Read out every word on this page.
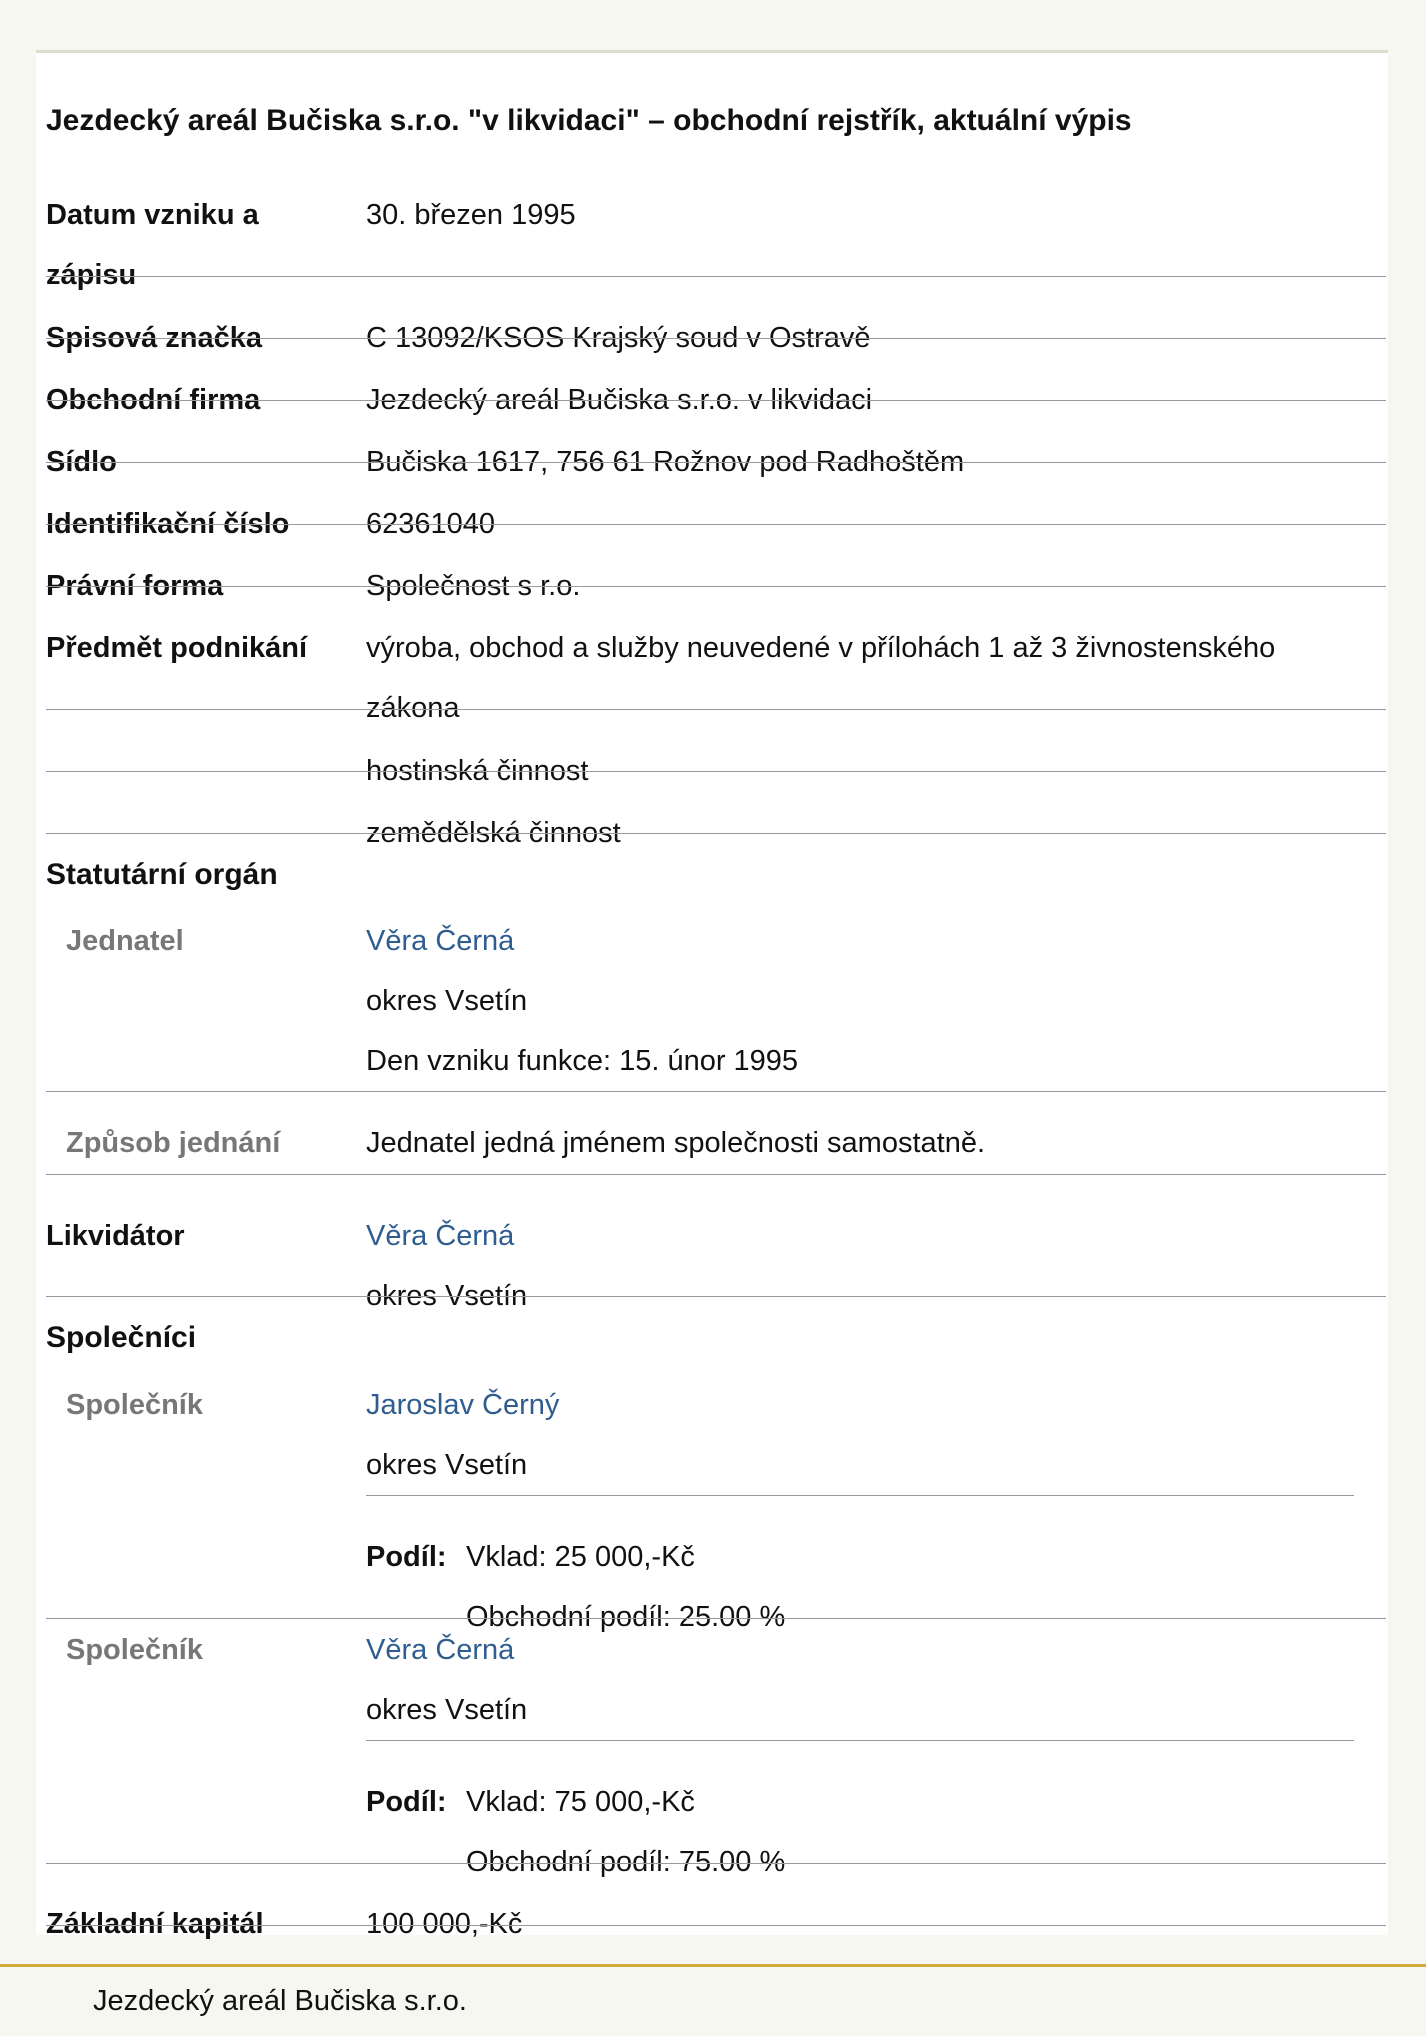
Jezdecký areál Bučiska s.r.o. "v likvidaci" – obchodní rejstřík, aktuální výpis
Datum vzniku a
zápisu
30. březen 1995
Spisová značka	C 13092/KSOS Krajský soud v Ostravě
Obchodní firma	Jezdecký areál Bučiska s.r.o. v likvidaci
Sídlo	Bučiska 1617, 756 61 Rožnov pod Radhoštěm
Identifikační číslo	62361040
Právní forma	Společnost s r.o.
Předmět podnikání výroba, obchod a služby neuvedené v přílohách 1 až 3 živnostenského
zákona
hostinská činnost
zemědělská činnost
Statutární orgán
Jednatel	Věra Černá
okres Vsetín
Den vzniku funkce: 15. únor 1995
Způsob jednání	Jednatel jedná jménem společnosti samostatně.
Likvidátor	Věra Černá
okres Vsetín
Společníci
Společník	Jaroslav Černý
okres Vsetín
Podíl: Vklad: 25 000,-Kč
Obchodní podíl: 25.00 %
Společník	Věra Černá
okres Vsetín
Podíl: Vklad: 75 000,-Kč
Obchodní podíl: 75.00 %
Základní kapitál	100 000,-Kč
Jezdecký areál Bučiska s.r.o.
